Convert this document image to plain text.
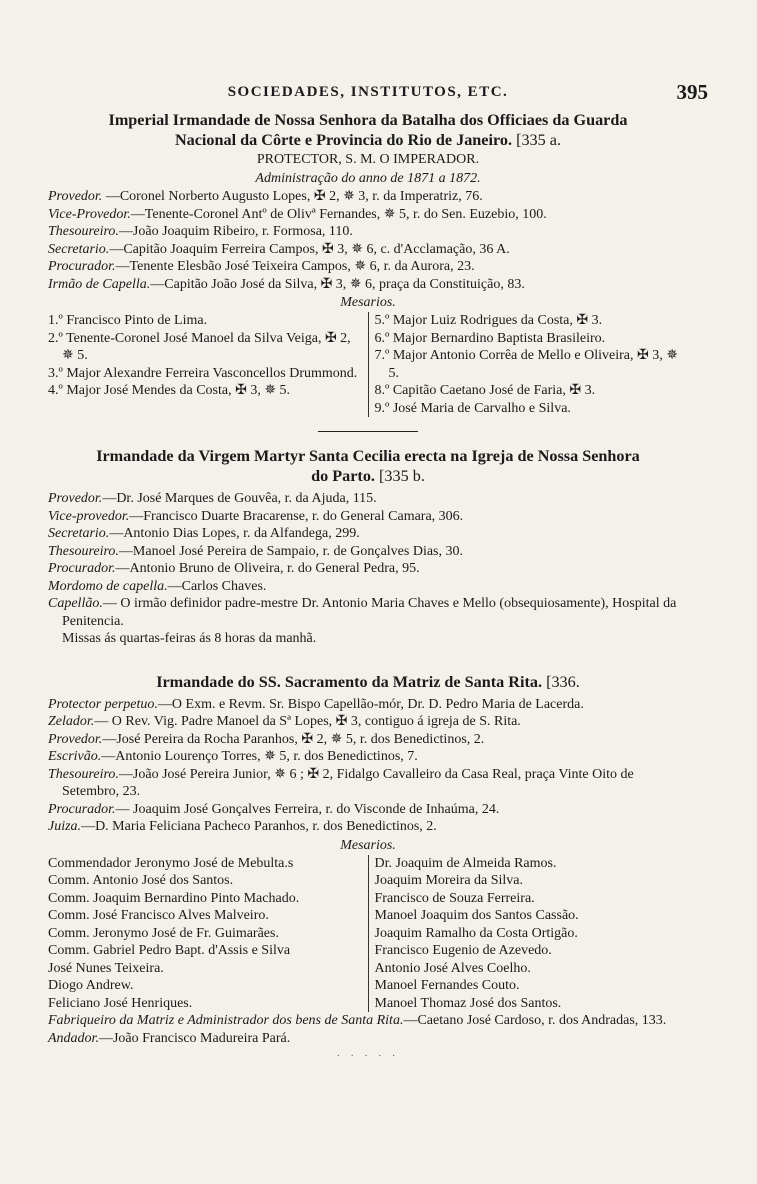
SOCIEDADES, INSTITUTOS, ETC.	395
Imperial Irmandade de Nossa Senhora da Batalha dos Officiaes da Guarda
Nacional da Côrte e Provincia do Rio de Janeiro. [335 a.
PROTECTOR, S. M. O IMPERADOR.
Administração do anno de 1871 a 1872.

Provedor. —Coronel Norberto Augusto Lopes, ✠ 2, ✵ 3, r. da Imperatriz, 76.

Vice-Provedor.—Tenente-Coronel Antº de Olivª Fernandes, ✵ 5, r. do Sen. Euzebio, 100.

Thesoureiro.—João Joaquim Ribeiro, r. Formosa, 110.

Secretario.—Capitão Joaquim Ferreira Campos, ✠ 3, ✵ 6, c. d'Acclamação, 36 A.

Procurador.—Tenente Elesbão José Teixeira Campos, ✵ 6, r. da Aurora, 23.

Irmão de Capella.—Capitão João José da Silva, ✠ 3, ✵ 6, praça da Constituição, 83.

Mesarios.
1.º Francisco Pinto de Lima.
2.º Tenente-Coronel José Manoel da Silva Veiga, ✠ 2, ✵ 5.
3.º Major Alexandre Ferreira Vasconcellos Drummond.
4.º Major José Mendes da Costa, ✠ 3, ✵ 5.
5.º Major Luiz Rodrigues da Costa, ✠ 3.
6.º Major Bernardino Baptista Brasileiro.
7.º Major Antonio Corrêa de Mello e Oliveira, ✠ 3, ✵ 5.
8.º Capitão Caetano José de Faria, ✠ 3.
9.º José Maria de Carvalho e Silva.
Irmandade da Virgem Martyr Santa Cecilia erecta na Igreja de Nossa Senhora
do Parto. [335 b.

Provedor.—Dr. José Marques de Gouvêa, r. da Ajuda, 115.

Vice-provedor.—Francisco Duarte Bracarense, r. do General Camara, 306.

Secretario.—Antonio Dias Lopes, r. da Alfandega, 299.

Thesoureiro.—Manoel José Pereira de Sampaio, r. de Gonçalves Dias, 30.

Procurador.—Antonio Bruno de Oliveira, r. do General Pedra, 95.

Mordomo de capella.—Carlos Chaves.

Capellão.— O irmão definidor padre-mestre Dr. Antonio Maria Chaves e Mello (obsequiosamente), Hospital da Penitencia.

Missas ás quartas-feiras ás 8 horas da manhã.
Irmandade do SS. Sacramento da Matriz de Santa Rita. [336.

Protector perpetuo.—O Exm. e Revm. Sr. Bispo Capellão-mór, Dr. D. Pedro Maria de Lacerda.

Zelador.— O Rev. Vig. Padre Manoel da Sª Lopes, ✠ 3, contiguo á igreja de S. Rita.

Provedor.—José Pereira da Rocha Paranhos, ✠ 2, ✵ 5, r. dos Benedictinos, 2.

Escrivão.—Antonio Lourenço Torres, ✵ 5, r. dos Benedictinos, 7.

Thesoureiro.—João José Pereira Junior, ✵ 6 ; ✠ 2, Fidalgo Cavalleiro da Casa Real, praça Vinte Oito de Setembro, 23.

Procurador.— Joaquim José Gonçalves Ferreira, r. do Visconde de Inhaúma, 24.

Juiza.—D. Maria Feliciana Pacheco Paranhos, r. dos Benedictinos, 2.

Mesarios.
Commendador Jeronymo José de Mebulta.s
Comm. Antonio José dos Santos.
Comm. Joaquim Bernardino Pinto Machado.
Comm. José Francisco Alves Malveiro.
Comm. Jeronymo José de Fr. Guimarães.
Comm. Gabriel Pedro Bapt. d'Assis e Silva
José Nunes Teixeira.
Diogo Andrew.
Feliciano José Henriques.
Dr. Joaquim de Almeida Ramos.
Joaquim Moreira da Silva.
Francisco de Souza Ferreira.
Manoel Joaquim dos Santos Cassão.
Joaquim Ramalho da Costa Ortigão.
Francisco Eugenio de Azevedo.
Antonio José Alves Coelho.
Manoel Fernandes Couto.
Manoel Thomaz José dos Santos.

Fabriqueiro da Matriz e Administrador dos bens de Santa Rita.—Caetano José Cardoso, r. dos Andradas, 133.

Andador.—João Francisco Madureira Pará.

· · · · ·
